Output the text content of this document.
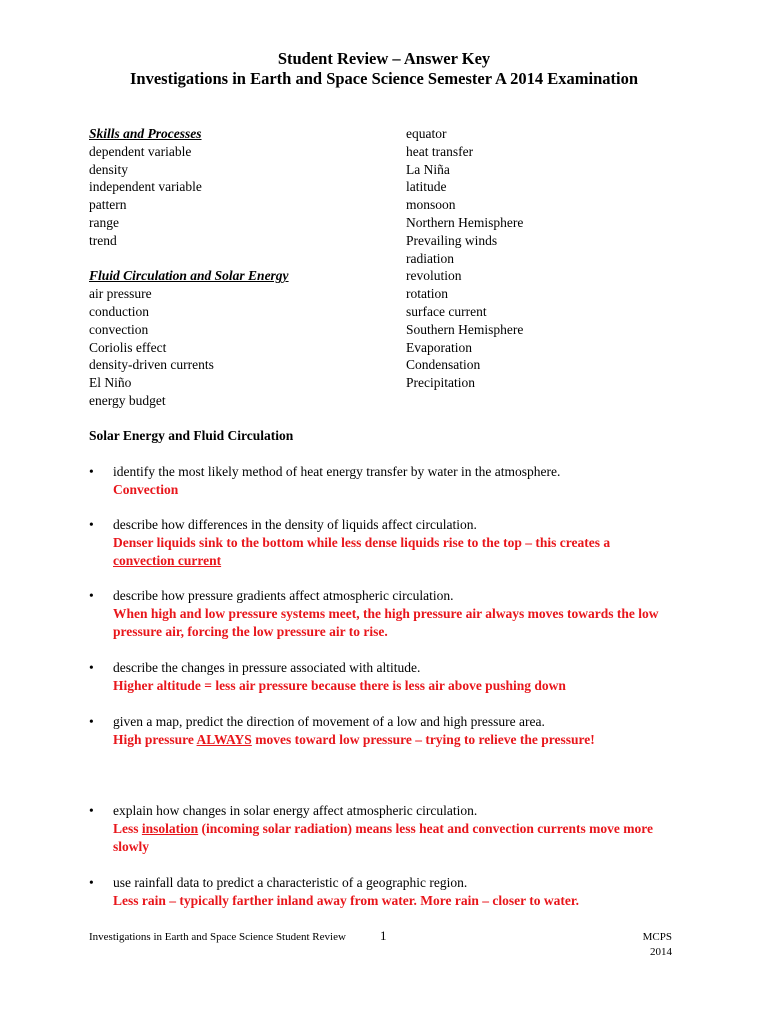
Student Review – Answer Key
Investigations in Earth and Space Science Semester A 2014 Examination
Skills and Processes
dependent variable
density
independent variable
pattern
range
trend
Fluid Circulation and Solar Energy
air pressure
conduction
convection
Coriolis effect
density-driven currents
El Niño
energy budget
equator
heat transfer
La Niña
latitude
monsoon
Northern Hemisphere
Prevailing winds
radiation
revolution
rotation
surface current
Southern Hemisphere
Evaporation
Condensation
Precipitation
Solar Energy and Fluid Circulation
• identify the most likely method of heat energy transfer by water in the atmosphere.
Convection
• describe how differences in the density of liquids affect circulation.
Denser liquids sink to the bottom while less dense liquids rise to the top – this creates a
convection current
• describe how pressure gradients affect atmospheric circulation.
When high and low pressure systems meet, the high pressure air always moves towards the low pressure air, forcing the low pressure air to rise.
• describe the changes in pressure associated with altitude.
Higher altitude = less air pressure because there is less air above pushing down
• given a map, predict the direction of movement of a low and high pressure area.
High pressure ALWAYS moves toward low pressure – trying to relieve the pressure!
• explain how changes in solar energy affect atmospheric circulation.
Less insolation (incoming solar radiation) means less heat and convection currents move more slowly
• use rainfall data to predict a characteristic of a geographic region.
Less rain – typically farther inland away from water. More rain – closer to water.
Investigations in Earth and Space Science Student Review	1	MCPS
2014
